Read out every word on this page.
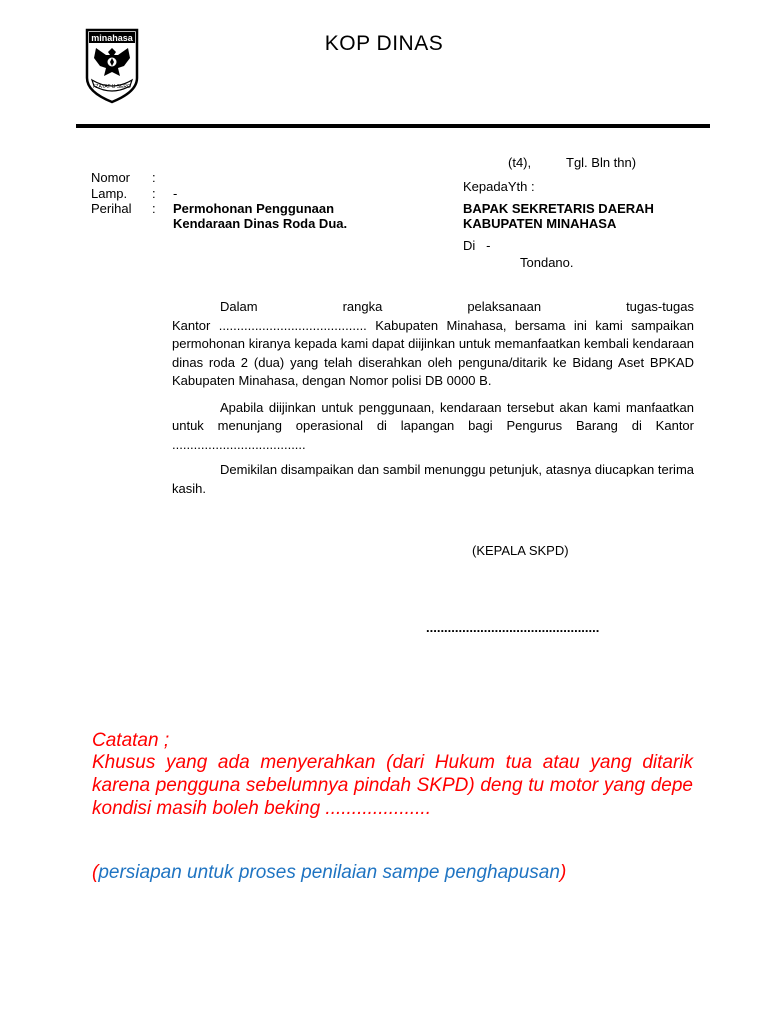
minahasa
I'ZAYAT U SERO
KOP DINAS
(t4),	Tgl. Bln thn)
Nomor	:
Lamp.	: -
Perihal	: Permohonan Penggunaan
Kendaraan Dinas Roda Dua.
KepadaYth :
BAPAK SEKRETARIS DAERAH
KABUPATEN MINAHASA
Di   -
Tondano.

Dalam rangka pelaksanaan tugas-tugas
Kantor ......................................... Kabupaten Minahasa, bersama ini kami sampaikan permohonan kiranya kepada kami dapat diijinkan untuk memanfaatkan kembali kendaraan dinas roda 2 (dua) yang telah diserahkan oleh penguna/ditarik ke Bidang Aset BPKAD Kabupaten Minahasa, dengan Nomor polisi DB 0000 B.

Apabila diijinkan untuk penggunaan, kendaraan tersebut akan kami manfaatkan untuk menunjang operasional di lapangan bagi Pengurus Barang di Kantor .....................................

Demikilan disampaikan dan sambil menunggu petunjuk, atasnya diucapkan terima kasih.

(KEPALA SKPD)
................................................
Catatan ;
Khusus yang ada menyerahkan (dari Hukum tua atau yang ditarik karena pengguna sebelumnya pindah SKPD) deng tu motor yang depe kondisi masih boleh beking ....................
(persiapan untuk proses penilaian sampe penghapusan)
